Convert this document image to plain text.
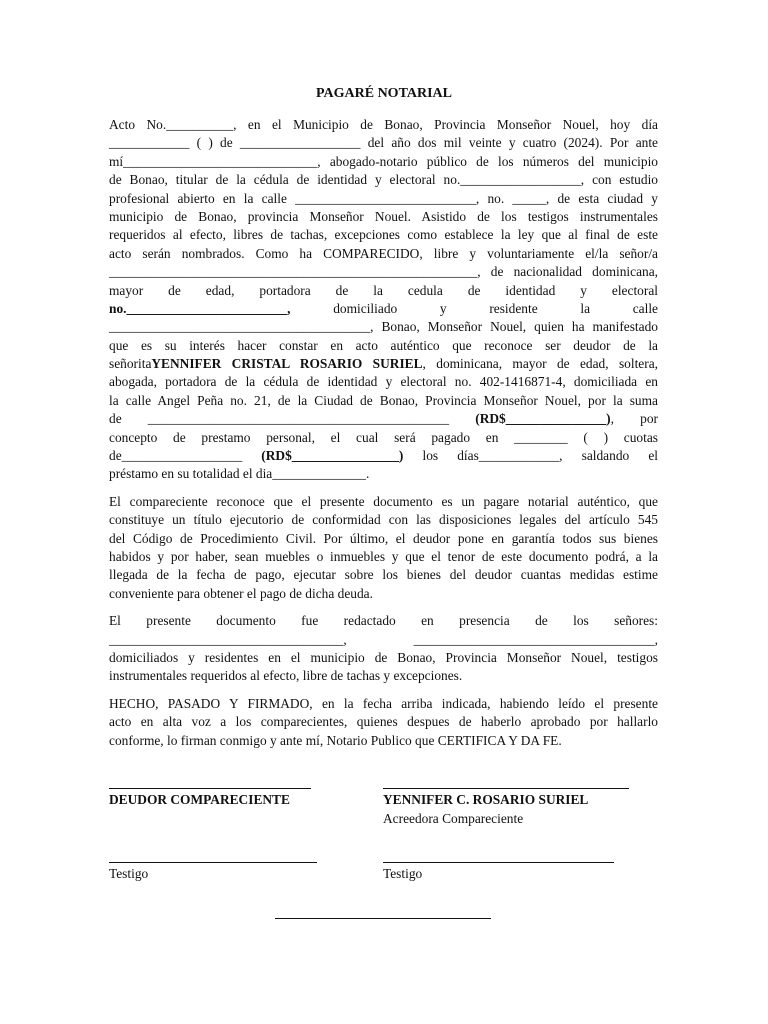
PAGARÉ NOTARIAL
Acto No.__________, en el Municipio de Bonao, Provincia Monseñor Nouel, hoy día
____________ ( ) de __________________ del año dos mil veinte y cuatro (2024). Por ante
mí_____________________________, abogado-notario público de los números del municipio
de Bonao, titular de la cédula de identidad y electoral no.__________________, con estudio
profesional abierto en la calle ___________________________, no. _____, de esta ciudad y
municipio de Bonao, provincia Monseñor Nouel. Asistido de los testigos instrumentales
requeridos al efecto, libres de tachas, excepciones como establece la ley que al final de este
acto serán nombrados. Como ha COMPARECIDO, libre y voluntariamente el/la señor/a
_______________________________________________________, de nacionalidad dominicana,
mayor de edad, portadora de la cedula de identidad y electoral
no.________________________, domiciliado y residente la calle
_______________________________________, Bonao, Monseñor Nouel, quien ha manifestado
que es su interés hacer constar en acto auténtico que reconoce ser deudor de la
señoritaYENNIFER CRISTAL ROSARIO SURIEL, dominicana, mayor de edad, soltera,
abogada, portadora de la cédula de identidad y electoral no. 402-1416871-4, domiciliada en
la calle Angel Peña no. 21, de la Ciudad de Bonao, Provincia Monseñor Nouel, por la suma
de _____________________________________________ (RD$_______________), por
concepto de prestamo personal, el cual será pagado en ________ ( ) cuotas
de__________________ (RD$________________) los días____________, saldando el
préstamo en su totalidad el dia______________.
El compareciente reconoce que el presente documento es un pagare notarial auténtico, que
constituye un título ejecutorio de conformidad con las disposiciones legales del artículo 545
del Código de Procedimiento Civil. Por último, el deudor pone en garantía todos sus bienes
habidos y por haber, sean muebles o inmuebles y que el tenor de este documento podrá, a la
llegada de la fecha de pago, ejecutar sobre los bienes del deudor cuantas medidas estime
conveniente para obtener el pago de dicha deuda.
El presente documento fue redactado en presencia de los señores:
___________________________________, ____________________________________,
domiciliados y residentes en el municipio de Bonao, Provincia Monseñor Nouel, testigos
instrumentales requeridos al efecto, libre de tachas y excepciones.
HECHO, PASADO Y FIRMADO, en la fecha arriba indicada, habiendo leído el presente
acto en alta voz a los comparecientes, quienes despues de haberlo aprobado por hallarlo
conforme, lo firman conmigo y ante mí, Notario Publico que CERTIFICA Y DA FE.
DEUDOR COMPARECIENTE	YENNIFER C. ROSARIO SURIEL
Acreedora Compareciente
Testigo	Testigo
